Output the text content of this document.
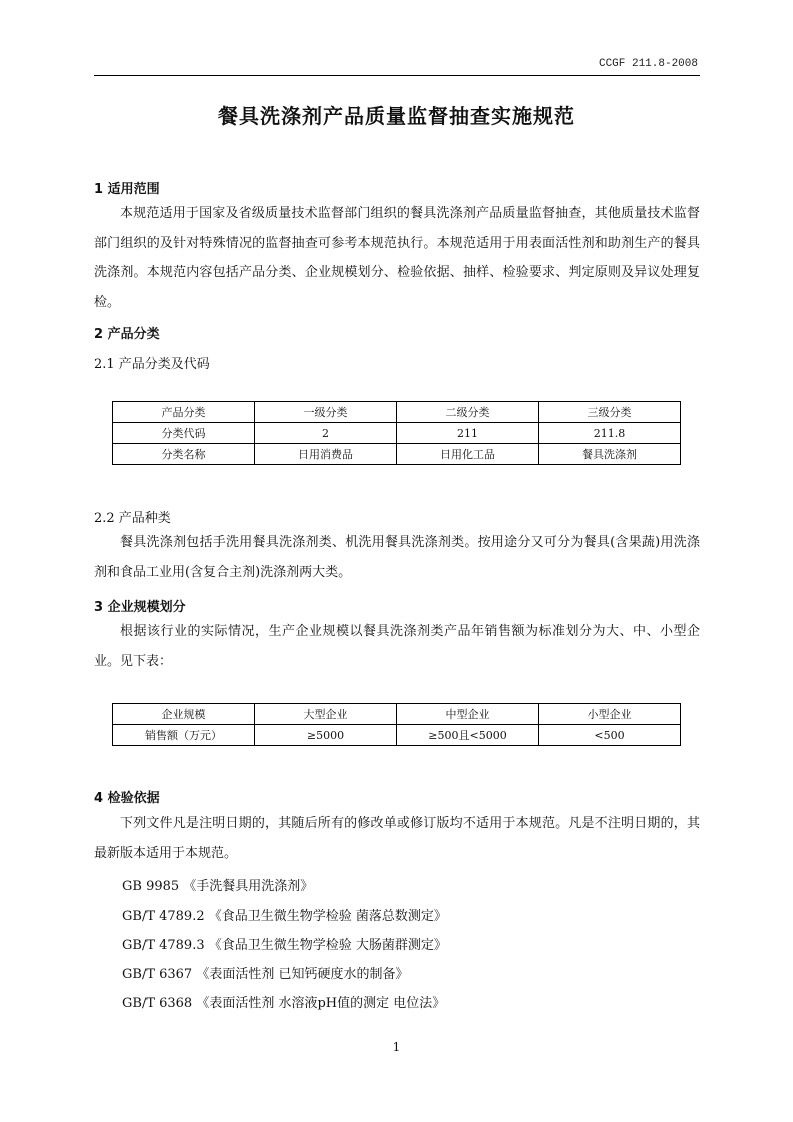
CCGF 211.8-2008
餐具洗涤剂产品质量监督抽查实施规范
1 适用范围
本规范适用于国家及省级质量技术监督部门组织的餐具洗涤剂产品质量监督抽查，其他质量技术监督部门组织的及针对特殊情况的监督抽查可参考本规范执行。本规范适用于用表面活性剂和助剂生产的餐具洗涤剂。本规范内容包括产品分类、企业规模划分、检验依据、抽样、检验要求、判定原则及异议处理复检。
2 产品分类
2.1 产品分类及代码
产品分类	一级分类	二级分类	三级分类
分类代码	2	211	211.8
分类名称	日用消费品	日用化工品	餐具洗涤剂
2.2 产品种类
餐具洗涤剂包括手洗用餐具洗涤剂类、机洗用餐具洗涤剂类。按用途分又可分为餐具(含果蔬)用洗涤剂和食品工业用(含复合主剂)洗涤剂两大类。
3 企业规模划分
根据该行业的实际情况，生产企业规模以餐具洗涤剂类产品年销售额为标准划分为大、中、小型企业。见下表：
企业规模	大型企业	中型企业	小型企业
销售额（万元）	≥5000	≥500且<5000	<500
4 检验依据
下列文件凡是注明日期的，其随后所有的修改单或修订版均不适用于本规范。凡是不注明日期的，其最新版本适用于本规范。
GB 9985 《手洗餐具用洗涤剂》
GB/T 4789.2 《食品卫生微生物学检验 菌落总数测定》
GB/T 4789.3 《食品卫生微生物学检验 大肠菌群测定》
GB/T 6367 《表面活性剂 已知钙硬度水的制备》
GB/T 6368 《表面活性剂 水溶液pH值的测定 电位法》
1
